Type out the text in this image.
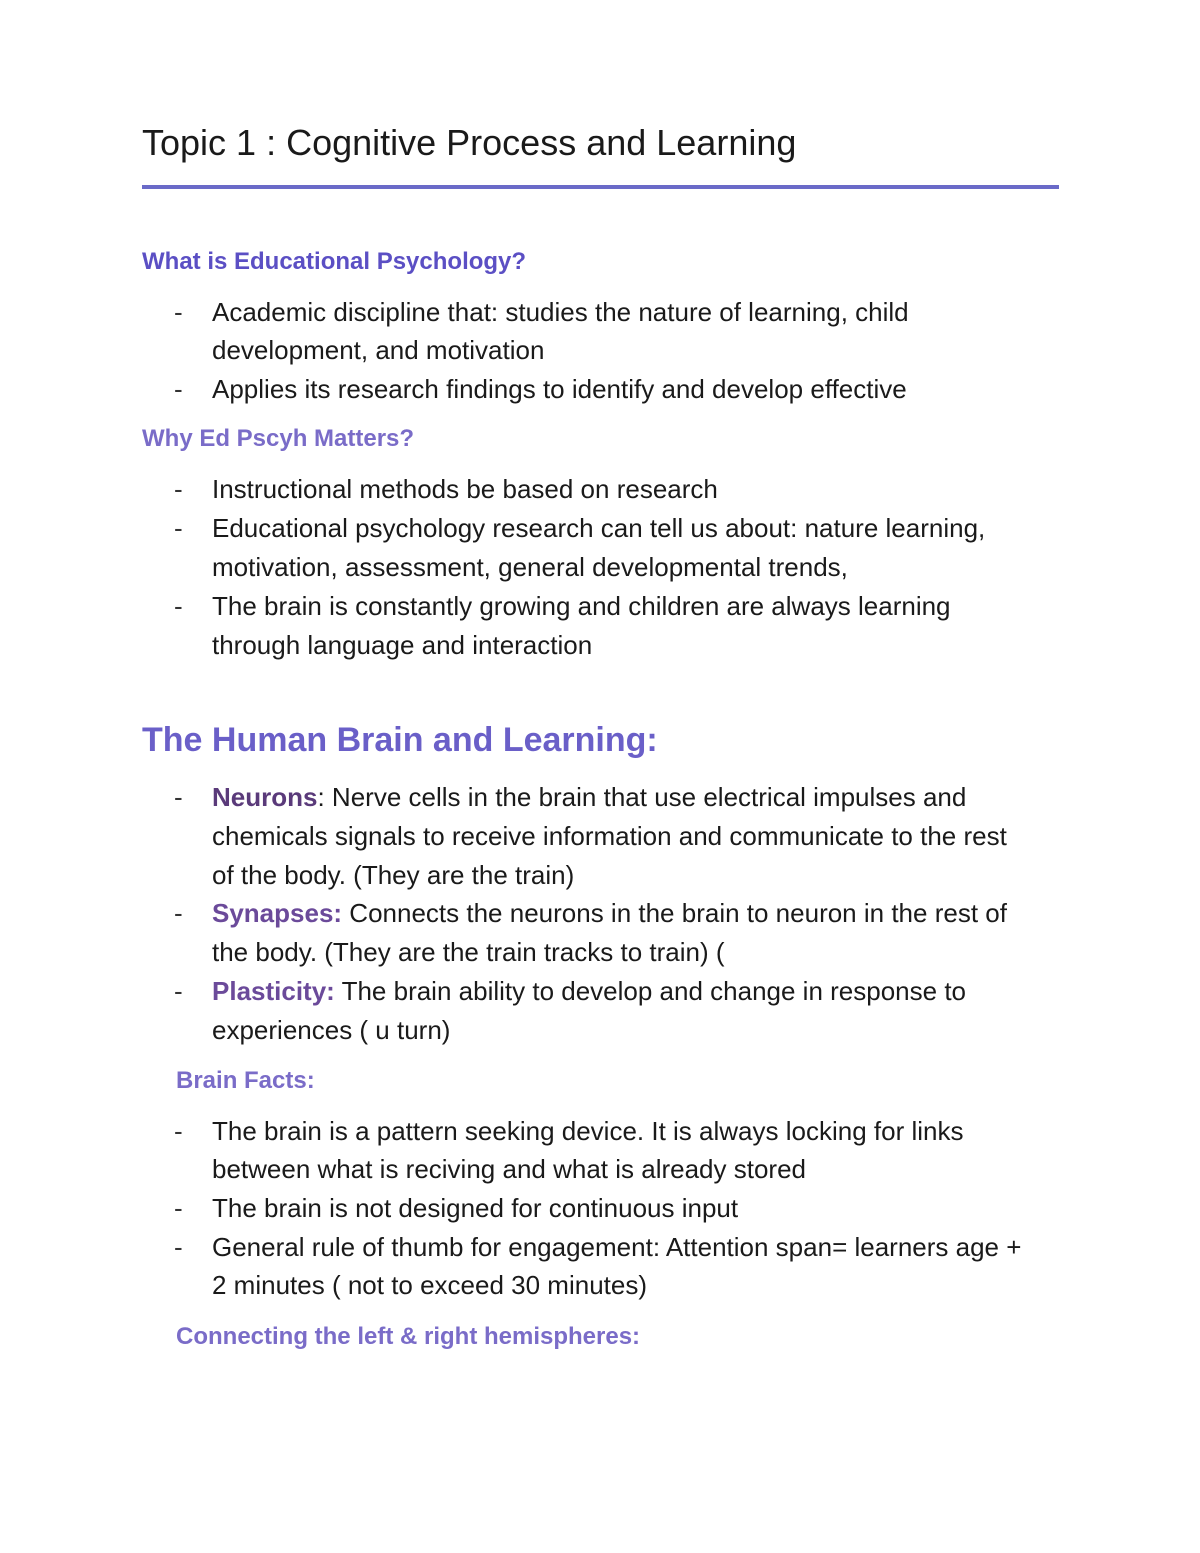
Topic 1 : Cognitive Process and Learning
What is Educational Psychology?
- Academic discipline that: studies the nature of learning, child
development, and motivation
- Applies its research findings to identify and develop effective
Why Ed Pscyh Matters?
- Instructional methods be based on research
- Educational psychology research can tell us about: nature learning,
motivation, assessment, general developmental trends,
- The brain is constantly growing and children are always learning
through language and interaction
The Human Brain and Learning:
- Neurons: Nerve cells in the brain that use electrical impulses and
chemicals signals to receive information and communicate to the rest
of the body. (They are the train)
- Synapses: Connects the neurons in the brain to neuron in the rest of
the body. (They are the train tracks to train) (
- Plasticity: The brain ability to develop and change in response to
experiences ( u turn)
Brain Facts:
- The brain is a pattern seeking device. It is always locking for links
between what is reciving and what is already stored
- The brain is not designed for continuous input
- General rule of thumb for engagement: Attention span= learners age +
2 minutes ( not to exceed 30 minutes)
Connecting the left & right hemispheres:
